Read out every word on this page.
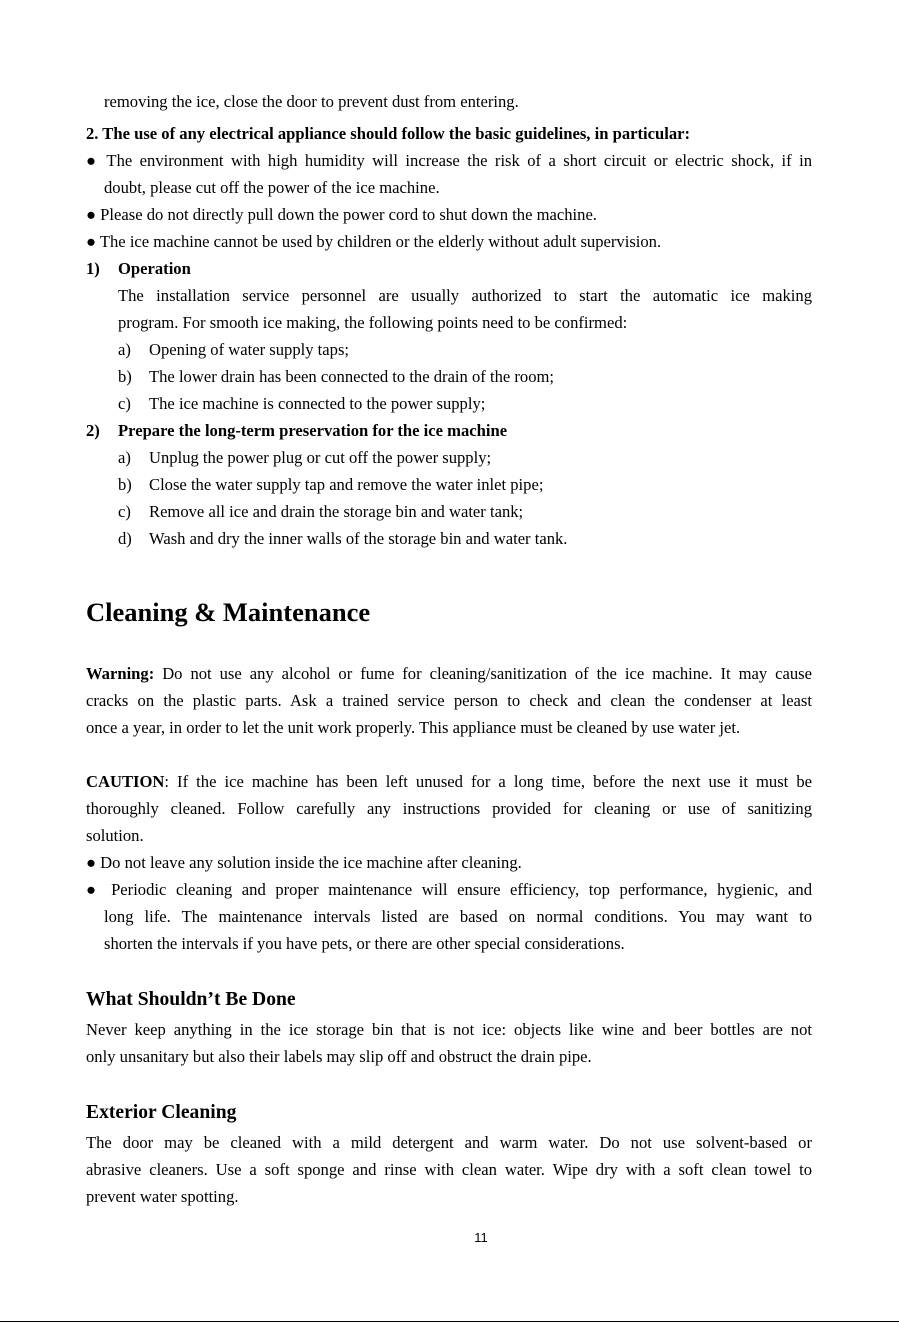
removing the ice, close the door to prevent dust from entering.
2. The use of any electrical appliance should follow the basic guidelines, in particular:
● The environment with high humidity will increase the risk of a short circuit or electric shock, if in
doubt, please cut off the power of the ice machine.
● Please do not directly pull down the power cord to shut down the machine.
● The ice machine cannot be used by children or the elderly without adult supervision.
1) Operation
The installation service personnel are usually authorized to start the automatic ice making
program. For smooth ice making, the following points need to be confirmed:
a) Opening of water supply taps;
b) The lower drain has been connected to the drain of the room;
c) The ice machine is connected to the power supply;
2) Prepare the long-term preservation for the ice machine
a) Unplug the power plug or cut off the power supply;
b) Close the water supply tap and remove the water inlet pipe;
c) Remove all ice and drain the storage bin and water tank;
d) Wash and dry the inner walls of the storage bin and water tank.
Cleaning & Maintenance
Warning: Do not use any alcohol or fume for cleaning/sanitization of the ice machine. It may cause
cracks on the plastic parts. Ask a trained service person to check and clean the condenser at least
once a year, in order to let the unit work properly. This appliance must be cleaned by use water jet.
CAUTION: If the ice machine has been left unused for a long time, before the next use it must be
thoroughly cleaned. Follow carefully any instructions provided for cleaning or use of sanitizing
solution.
● Do not leave any solution inside the ice machine after cleaning.
● Periodic cleaning and proper maintenance will ensure efficiency, top performance, hygienic, and
long life. The maintenance intervals listed are based on normal conditions. You may want to
shorten the intervals if you have pets, or there are other special considerations.
What Shouldn’t Be Done
Never keep anything in the ice storage bin that is not ice: objects like wine and beer bottles are not
only unsanitary but also their labels may slip off and obstruct the drain pipe.
Exterior Cleaning
The door may be cleaned with a mild detergent and warm water. Do not use solvent-based or
abrasive cleaners. Use a soft sponge and rinse with clean water. Wipe dry with a soft clean towel to
prevent water spotting.
11
